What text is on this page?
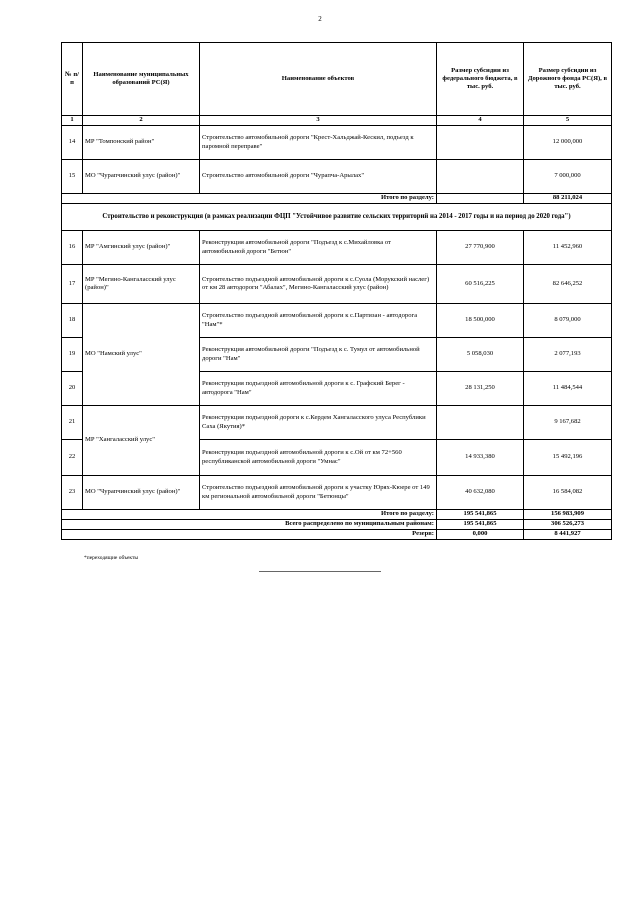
2
№ п/п	Наименование муниципальных образований РС(Я)	Наименование объектов	Размер субсидии из федерального бюджета, в тыс. руб.	Размер субсидии из Дорожного фонда РС(Я), в тыс. руб.
1	2	3	4	5
14	МР "Томпонский район"	Строительство автомобильной дороги "Крест-Хальджай-Кескил, подъезд к паромной переправе"		12 000,000
15	МО "Чурапчинский улус (район)"	Строительство автомобильной дороги "Чурапча-Арылах"		7 000,000
Итого по разделу:				88 211,024
Строительство и реконструкция (в рамках реализации ФЦП "Устойчивое развитие сельских территорий на 2014 - 2017 годы и на период до 2020 года")				
16	МР "Амгинский улус (район)"	Реконструкция автомобильной дороги "Подъезд к с.Михайловка от автомобильной дороги "Бетюн"	27 770,900	11 452,960
17	МР "Мегино-Кангаласский улус (район)"	Строительство подъездной автомобильной дороги к с.Суола (Морукский наслег) от км 28 автодороги "Абалах", Мегино-Кангаласский улус (район)	60 516,225	82 646,252
18	МО "Намский улус"	Строительство подъездной автомобильной дороги к с.Партизан - автодорога "Нам"*	18 500,000	8 079,000
19		Реконструкция автомобильной дороги "Подъезд к с. Тумул от автомобильной дороги "Нам"	5 058,030	2 077,193
20		Реконструкция подъездной автомобильной дороги к с. Графский Берег - автодорога "Нам"	28 131,250	11 484,544
21	МР "Хангаласский улус"	Реконструкция подъездной дороги к с.Кердем Хангаласского улуса Республики Саха (Якутия)*		9 167,682
22		Реконструкция подъездной автомобильной дороги к с.Ой от км 72+560 республиканской автомобильной дороги "Умнас"	14 933,380	15 492,196
23	МО "Чурапчинский улус (район)"	Строительство подъездной автомобильной дороги к участку Юрях-Кюере от 149 км региональной автомобильной дороги "Бетюнцы"	40 632,080	16 584,082
Итого по разделу:			195 541,865	156 983,909
Всего распределено по муниципальным районам:			195 541,865	306 526,273
Резерв:			0,000	8 441,927
*переходящие объекты
